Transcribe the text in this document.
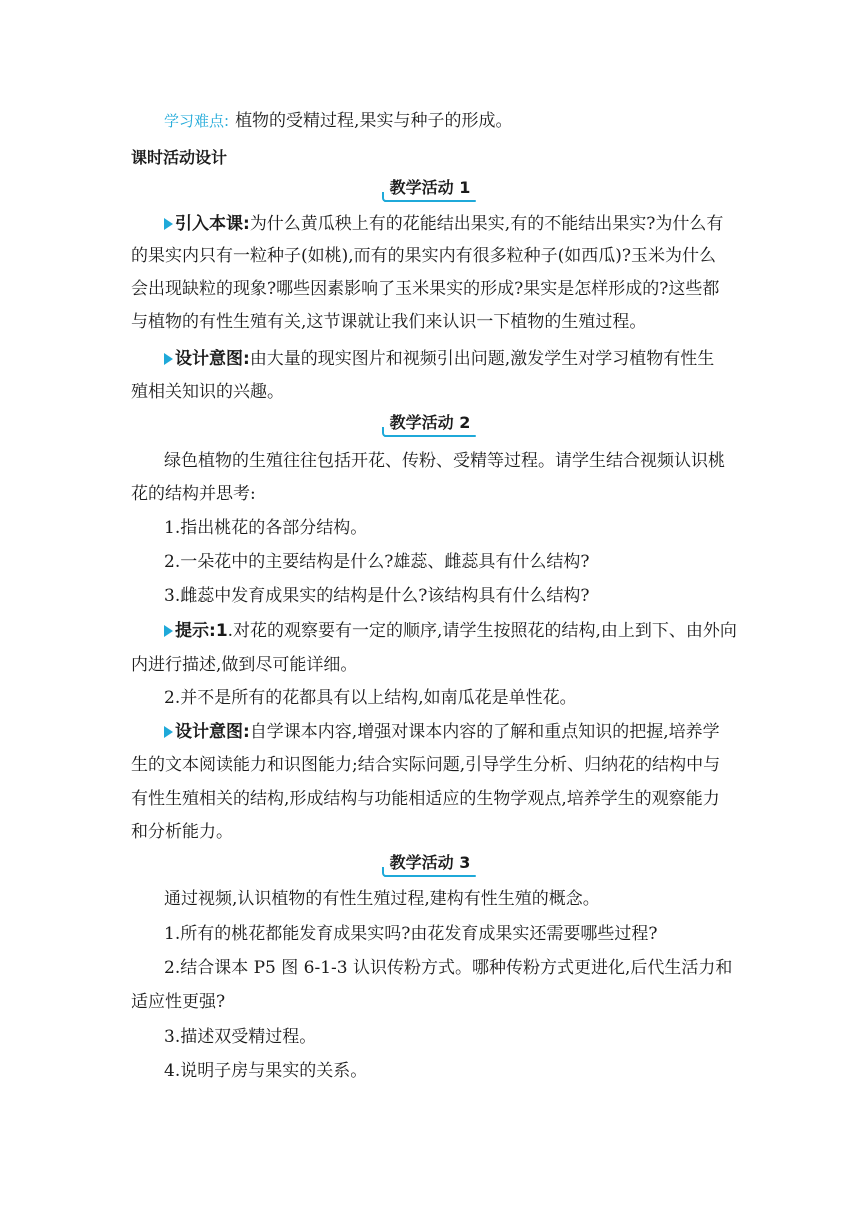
学习难点: 植物的受精过程,果实与种子的形成。
课时活动设计
教学活动 1
引入本课:为什么黄瓜秧上有的花能结出果实,有的不能结出果实?为什么有
的果实内只有一粒种子(如桃),而有的果实内有很多粒种子(如西瓜)?玉米为什么
会出现缺粒的现象?哪些因素影响了玉米果实的形成?果实是怎样形成的?这些都
与植物的有性生殖有关,这节课就让我们来认识一下植物的生殖过程。
设计意图:由大量的现实图片和视频引出问题,激发学生对学习植物有性生
殖相关知识的兴趣。
教学活动 2
绿色植物的生殖往往包括开花、传粉、受精等过程。请学生结合视频认识桃
花的结构并思考:
1.指出桃花的各部分结构。
2.一朵花中的主要结构是什么?雄蕊、雌蕊具有什么结构?
3.雌蕊中发育成果实的结构是什么?该结构具有什么结构?
提示:1.对花的观察要有一定的顺序,请学生按照花的结构,由上到下、由外向
内进行描述,做到尽可能详细。
2.并不是所有的花都具有以上结构,如南瓜花是单性花。
设计意图:自学课本内容,增强对课本内容的了解和重点知识的把握,培养学
生的文本阅读能力和识图能力;结合实际问题,引导学生分析、归纳花的结构中与
有性生殖相关的结构,形成结构与功能相适应的生物学观点,培养学生的观察能力
和分析能力。
教学活动 3
通过视频,认识植物的有性生殖过程,建构有性生殖的概念。
1.所有的桃花都能发育成果实吗?由花发育成果实还需要哪些过程?
2.结合课本 P5 图 6-1-3 认识传粉方式。哪种传粉方式更进化,后代生活力和
适应性更强?
3.描述双受精过程。
4.说明子房与果实的关系。
